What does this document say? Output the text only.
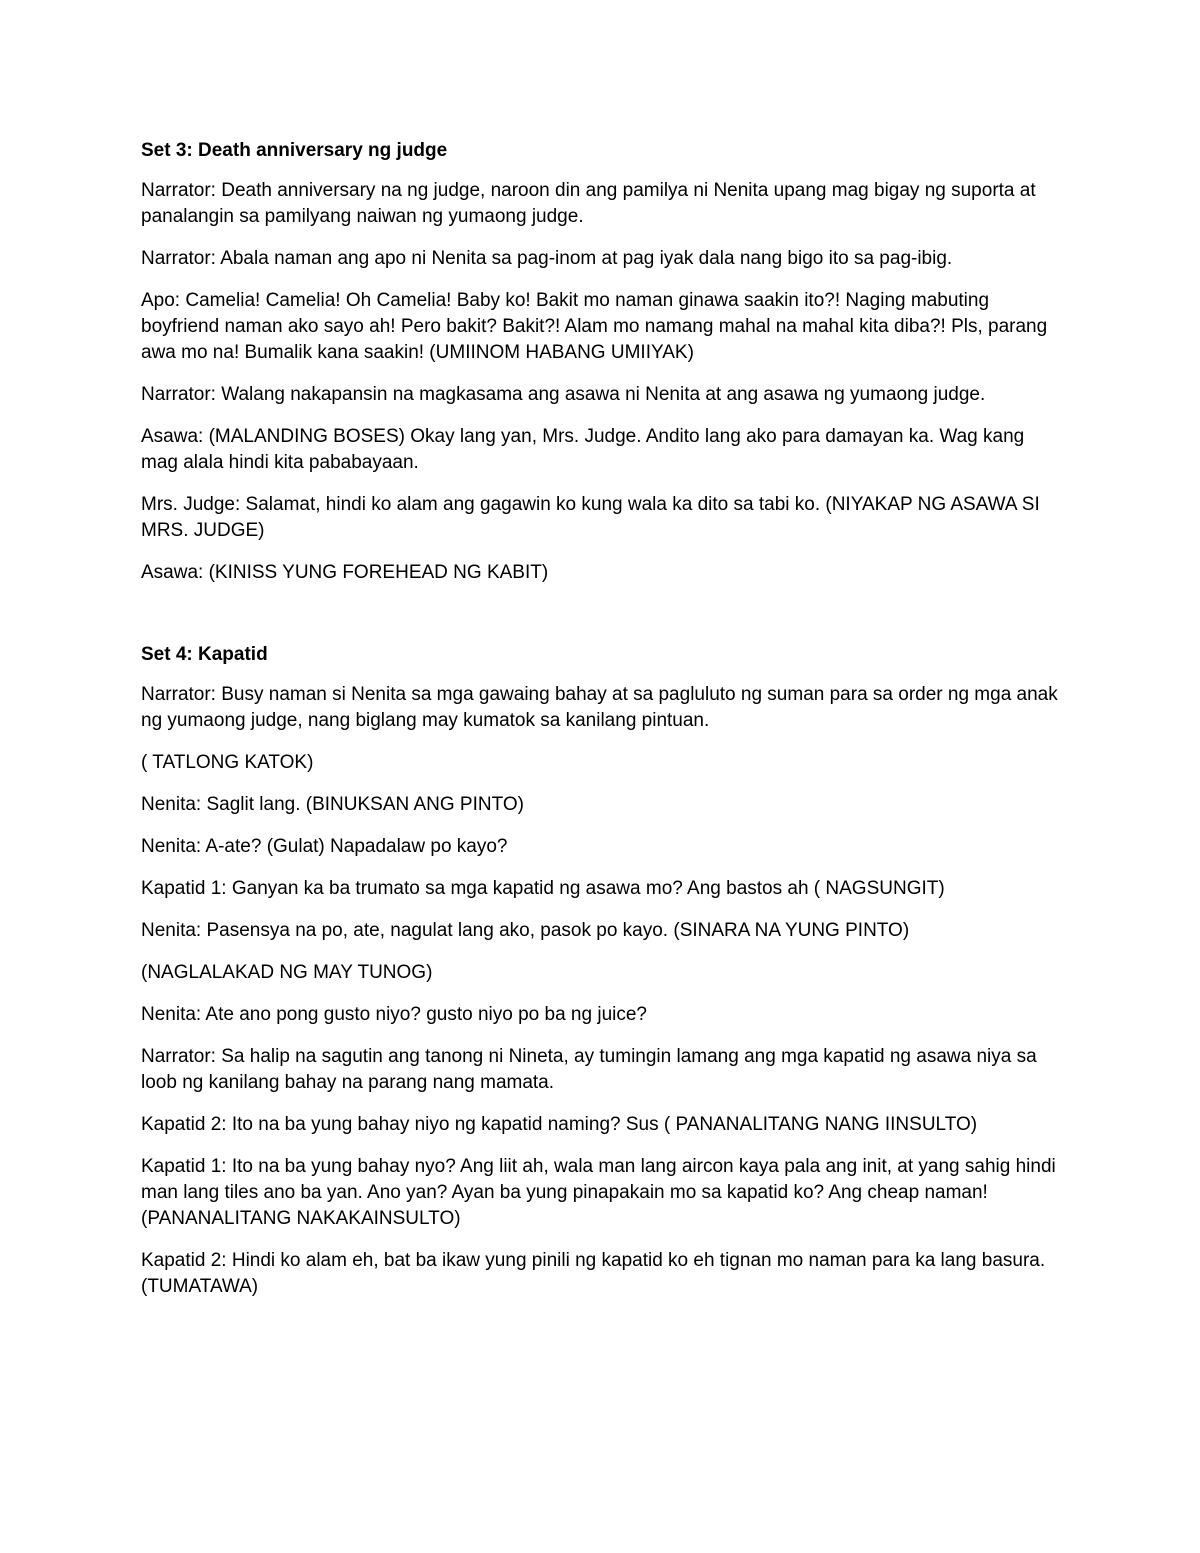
Set 3: Death anniversary ng judge

Narrator: Death anniversary na ng judge, naroon din ang pamilya ni Nenita upang mag bigay ng suporta at panalangin sa pamilyang naiwan ng yumaong judge.

Narrator: Abala naman ang apo ni Nenita sa pag-inom at pag iyak dala nang bigo ito sa pag-ibig.

Apo: Camelia! Camelia! Oh Camelia! Baby ko! Bakit mo naman ginawa saakin ito?! Naging mabuting boyfriend naman ako sayo ah! Pero bakit? Bakit?! Alam mo namang mahal na mahal kita diba?! Pls, parang awa mo na! Bumalik kana saakin! (UMIINOM HABANG UMIIYAK)

Narrator: Walang nakapansin na magkasama ang asawa ni Nenita at ang asawa ng yumaong judge.

Asawa: (MALANDING BOSES) Okay lang yan, Mrs. Judge. Andito lang ako para damayan ka. Wag kang mag alala hindi kita pababayaan.

Mrs. Judge: Salamat, hindi ko alam ang gagawin ko kung wala ka dito sa tabi ko. (NIYAKAP NG ASAWA SI MRS. JUDGE)

Asawa: (KINISS YUNG FOREHEAD NG KABIT)

Set 4: Kapatid

Narrator: Busy naman si Nenita sa mga gawaing bahay at sa pagluluto ng suman para sa order ng mga anak ng yumaong judge, nang biglang may kumatok sa kanilang pintuan.

( TATLONG KATOK)

Nenita: Saglit lang. (BINUKSAN ANG PINTO)

Nenita: A-ate? (Gulat) Napadalaw po kayo?

Kapatid 1: Ganyan ka ba trumato sa mga kapatid ng asawa mo? Ang bastos ah ( NAGSUNGIT)

Nenita: Pasensya na po, ate, nagulat lang ako, pasok po kayo. (SINARA NA YUNG PINTO)

(NAGLALAKAD NG MAY TUNOG)

Nenita: Ate ano pong gusto niyo? gusto niyo po ba ng juice?

Narrator: Sa halip na sagutin ang tanong ni Nineta, ay tumingin lamang ang mga kapatid ng asawa niya sa loob ng kanilang bahay na parang nang mamata.

Kapatid 2: Ito na ba yung bahay niyo ng kapatid naming? Sus ( PANANALITANG NANG IINSULTO)

Kapatid 1: Ito na ba yung bahay nyo? Ang liit ah, wala man lang aircon kaya pala ang init, at yang sahig hindi man lang tiles ano ba yan. Ano yan? Ayan ba yung pinapakain mo sa kapatid ko? Ang cheap naman! (PANANALITANG NAKAKAINSULTO)

Kapatid 2: Hindi ko alam eh, bat ba ikaw yung pinili ng kapatid ko eh tignan mo naman para ka lang basura. (TUMATAWA)
